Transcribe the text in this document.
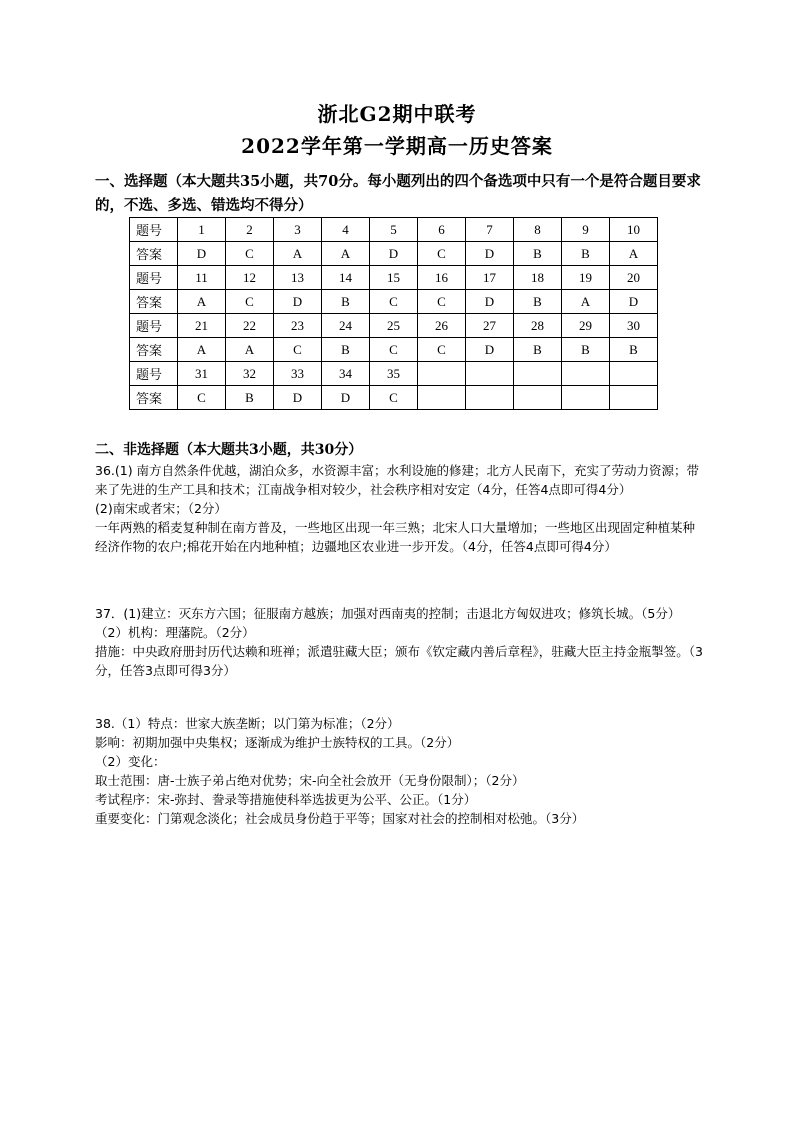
浙北G2期中联考
2022学年第一学期高一历史答案
一、选择题（本大题共35小题，共70分。每小题列出的四个备选项中只有一个是符合题目要求的，不选、多选、错选均不得分）
题号	1	2	3	4	5	6	7	8	9	10
答案	D	C	A	A	D	C	D	B	B	A
题号	11	12	13	14	15	16	17	18	19	20
答案	A	C	D	B	C	C	D	B	A	D
题号	21	22	23	24	25	26	27	28	29	30
答案	A	A	C	B	C	C	D	B	B	B
题号	31	32	33	34	35					
答案	C	B	D	D	C					
二、非选择题（本大题共3小题，共30分）

36.(1) 南方自然条件优越，湖泊众多，水资源丰富；水利设施的修建；北方人民南下，充实了劳动力资源；带来了先进的生产工具和技术；江南战争相对较少，社会秩序相对安定（4分，任答4点即可得4分）

(2)南宋或者宋；（2分）

一年两熟的稻麦复种制在南方普及，一些地区出现一年三熟；北宋人口大量增加；一些地区出现固定种植某种经济作物的农户;棉花开始在内地种植；边疆地区农业进一步开发。（4分，任答4点即可得4分）

37．(1)建立：灭东方六国；征服南方越族；加强对西南夷的控制；击退北方匈奴进攻；修筑长城。（5分）

（2）机构：理藩院。（2分）

措施：中央政府册封历代达赖和班禅；派遣驻藏大臣；颁布《钦定藏内善后章程》，驻藏大臣主持金瓶掣签。（3分，任答3点即可得3分）

38.（1）特点：世家大族垄断；以门第为标准；（2分）

影响：初期加强中央集权；逐渐成为维护士族特权的工具。（2分）

（2）变化：

取士范围：唐-士族子弟占绝对优势；宋-向全社会放开（无身份限制）；（2分）

考试程序：宋-弥封、誊录等措施使科举选拔更为公平、公正。（1分）

重要变化：门第观念淡化；社会成员身份趋于平等；国家对社会的控制相对松弛。（3分）
